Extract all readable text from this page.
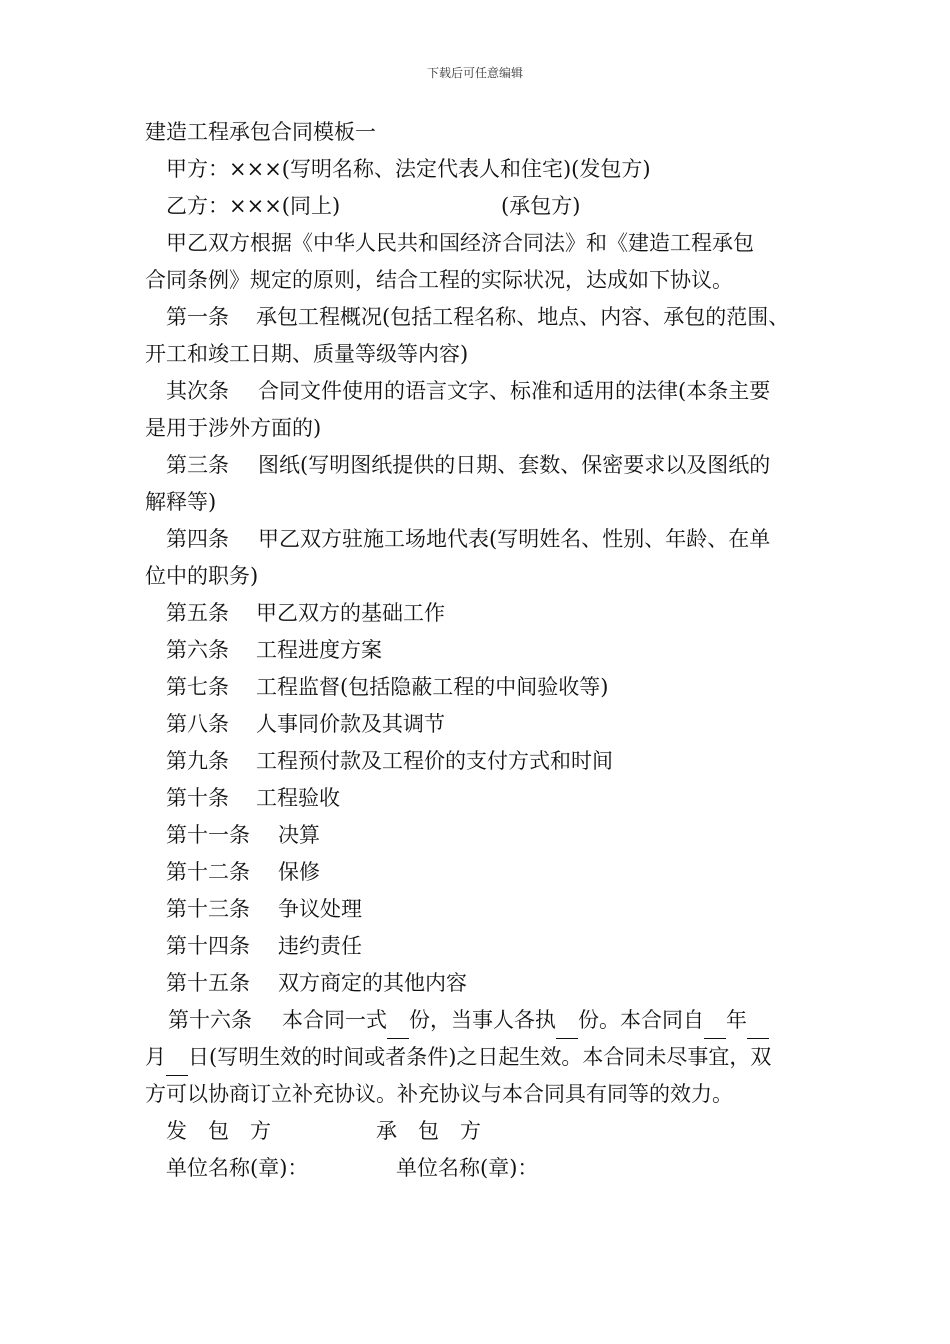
下载后可任意编辑
建造工程承包合同模板一
甲方：×××(写明名称、法定代表人和住宅)(发包方)
乙方：×××(同上)	(承包方)
甲乙双方根据《中华人民共和国经济合同法》和《建造工程承包
合同条例》规定的原则，结合工程的实际状况，达成如下协议。
第一条 承包工程概况(包括工程名称、地点、内容、承包的范围、
开工和竣工日期、质量等级等内容)
其次条 合同文件使用的语言文字、标准和适用的法律(本条主要
是用于涉外方面的)
第三条 图纸(写明图纸提供的日期、套数、保密要求以及图纸的
解释等)
第四条 甲乙双方驻施工场地代表(写明姓名、性别、年龄、在单
位中的职务)
第五条 甲乙双方的基础工作
第六条 工程进度方案
第七条 工程监督(包括隐蔽工程的中间验收等)
第八条 人事同价款及其调节
第九条 工程预付款及工程价的支付方式和时间
第十条 工程验收
第十一条 决算
第十二条 保修
第十三条 争议处理
第十四条 违约责任
第十五条 双方商定的其他内容
第十六条 本合同一式 份，当事人各执 份。本合同自 年
月 日(写明生效的时间或者条件)之日起生效。本合同未尽事宜，双
方可以协商订立补充协议。补充协议与本合同具有同等的效力。
发　包　方	承　包　方
单位名称(章)：	单位名称(章)：
